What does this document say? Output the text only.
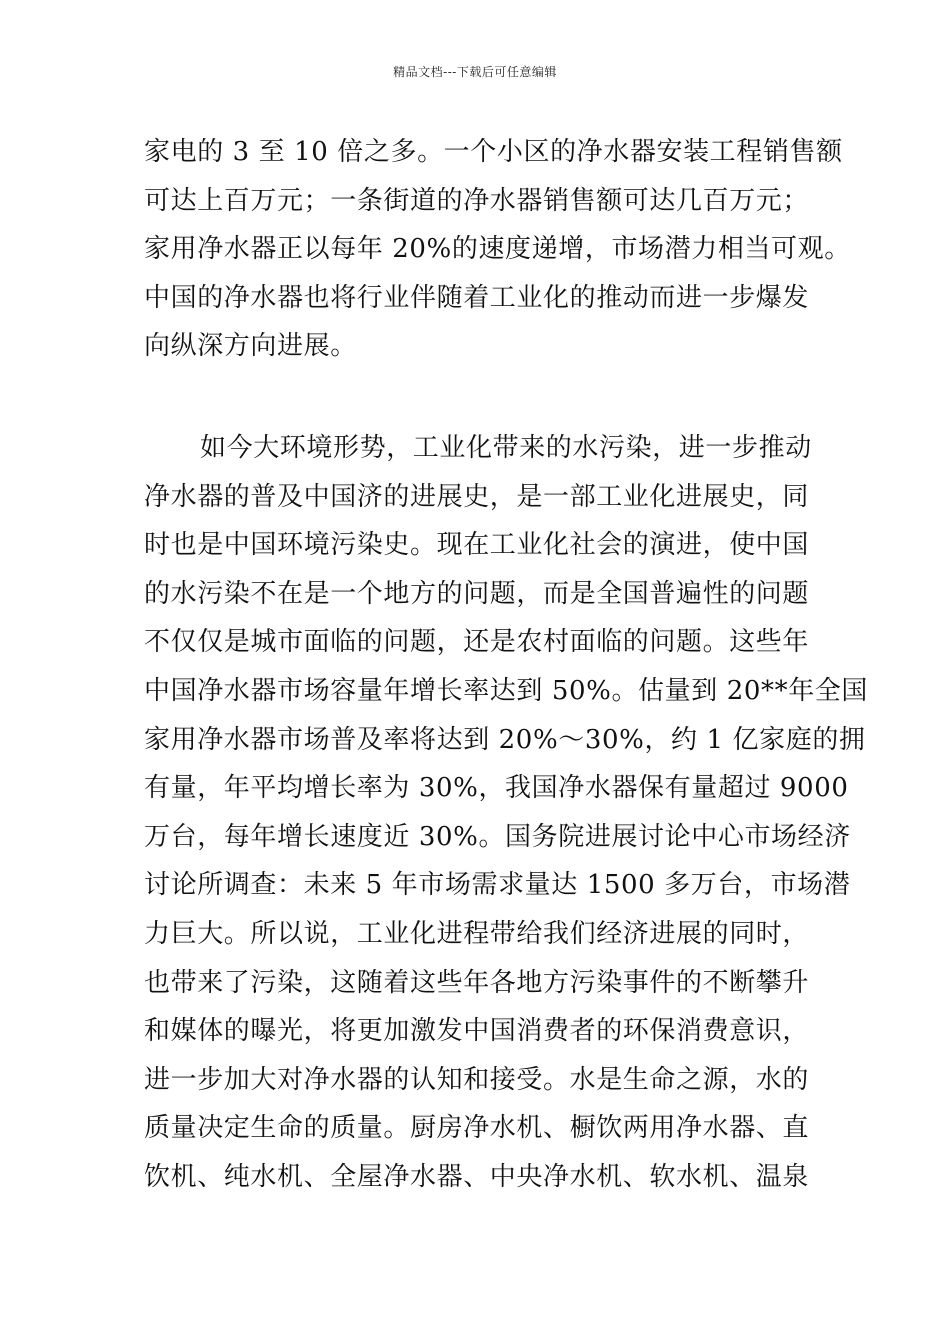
精品文档---下载后可任意编辑
家电的 3 至 10 倍之多。一个小区的净水器安装工程销售额
可达上百万元；一条街道的净水器销售额可达几百万元；
家用净水器正以每年 20%的速度递增，市场潜力相当可观。
中国的净水器也将行业伴随着工业化的推动而进一步爆发
向纵深方向进展。
如今大环境形势，工业化带来的水污染，进一步推动
净水器的普及中国济的进展史，是一部工业化进展史，同
时也是中国环境污染史。现在工业化社会的演进，使中国
的水污染不在是一个地方的问题，而是全国普遍性的问题
不仅仅是城市面临的问题，还是农村面临的问题。这些年
中国净水器市场容量年增长率达到 50%。估量到 20**年全国
家用净水器市场普及率将达到 20%～30%，约 1 亿家庭的拥
有量，年平均增长率为 30%，我国净水器保有量超过 9000
万台，每年增长速度近 30%。国务院进展讨论中心市场经济
讨论所调查：未来 5 年市场需求量达 1500 多万台，市场潜
力巨大。所以说，工业化进程带给我们经济进展的同时，
也带来了污染，这随着这些年各地方污染事件的不断攀升
和媒体的曝光，将更加激发中国消费者的环保消费意识，
进一步加大对净水器的认知和接受。水是生命之源，水的
质量决定生命的质量。厨房净水机、橱饮两用净水器、直
饮机、纯水机、全屋净水器、中央净水机、软水机、温泉
